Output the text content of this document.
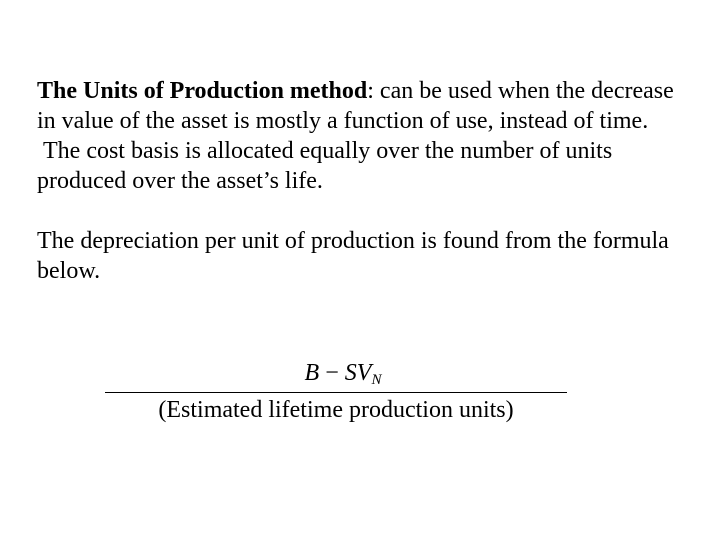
The Units of Production method: can be used when the decrease in value of the asset is mostly a function of use, instead of time.

The cost basis is allocated equally over the number of units produced over the asset’s life.

The depreciation per unit of production is found from the formula below.

$B - SV_N$
(Estimated lifetime production units)
